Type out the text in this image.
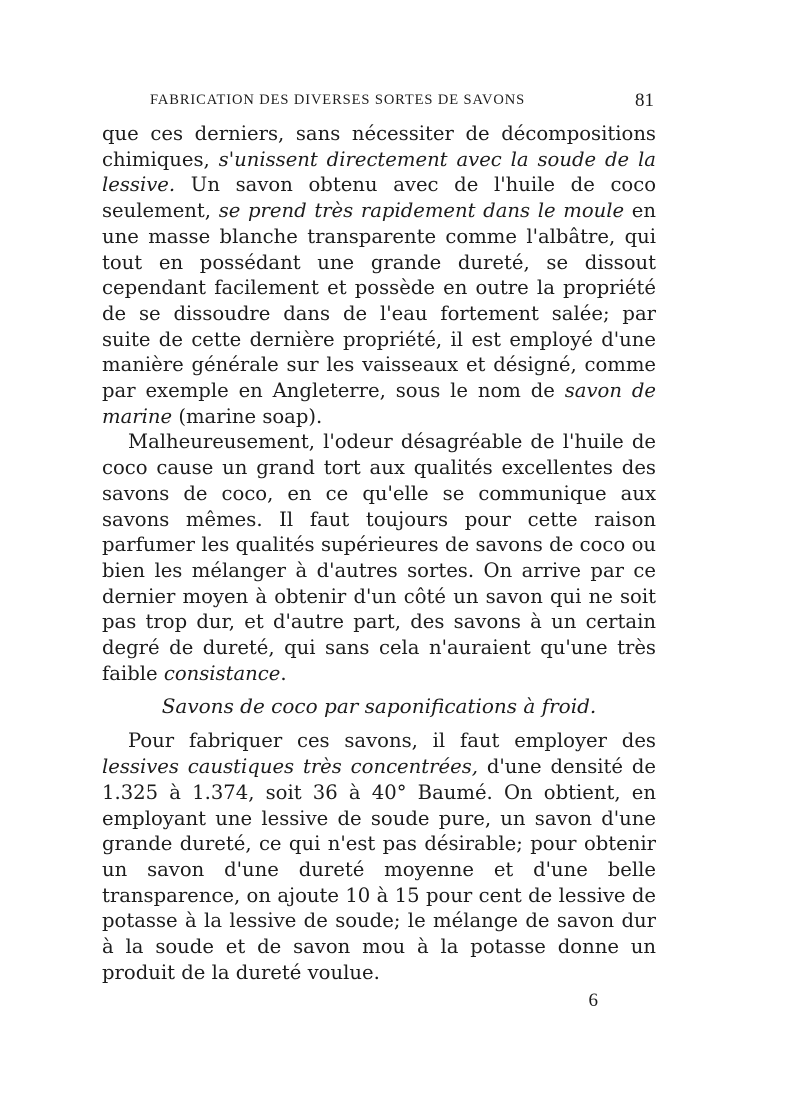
FABRICATION DES DIVERSES SORTES DE SAVONS	81

que ces derniers, sans nécessiter de décompositions chimiques, s'unissent directement avec la soude de la lessive. Un savon obtenu avec de l'huile de coco seulement, se prend très rapidement dans le moule en une masse blanche transparente comme l'albâtre, qui tout en possédant une grande dureté, se dissout cependant facilement et possède en outre la propriété de se dissoudre dans de l'eau fortement salée; par suite de cette dernière propriété, il est employé d'une manière générale sur les vaisseaux et désigné, comme par exemple en Angleterre, sous le nom de savon de marine (marine soap).

Malheureusement, l'odeur désagréable de l'huile de coco cause un grand tort aux qualités excellentes des savons de coco, en ce qu'elle se communique aux savons mêmes. Il faut toujours pour cette raison parfumer les qualités supérieures de savons de coco ou bien les mélanger à d'autres sortes. On arrive par ce dernier moyen à obtenir d'un côté un savon qui ne soit pas trop dur, et d'autre part, des savons à un certain degré de dureté, qui sans cela n'auraient qu'une très faible consistance.

Savons de coco par saponifications à froid.

Pour fabriquer ces savons, il faut employer des lessives caustiques très concentrées, d'une densité de 1.325 à 1.374, soit 36 à 40° Baumé. On obtient, en employant une lessive de soude pure, un savon d'une grande dureté, ce qui n'est pas désirable; pour obtenir un savon d'une dureté moyenne et d'une belle transparence, on ajoute 10 à 15 pour cent de lessive de potasse à la lessive de soude; le mélange de savon dur à la soude et de savon mou à la potasse donne un produit de la dureté voulue.

6
